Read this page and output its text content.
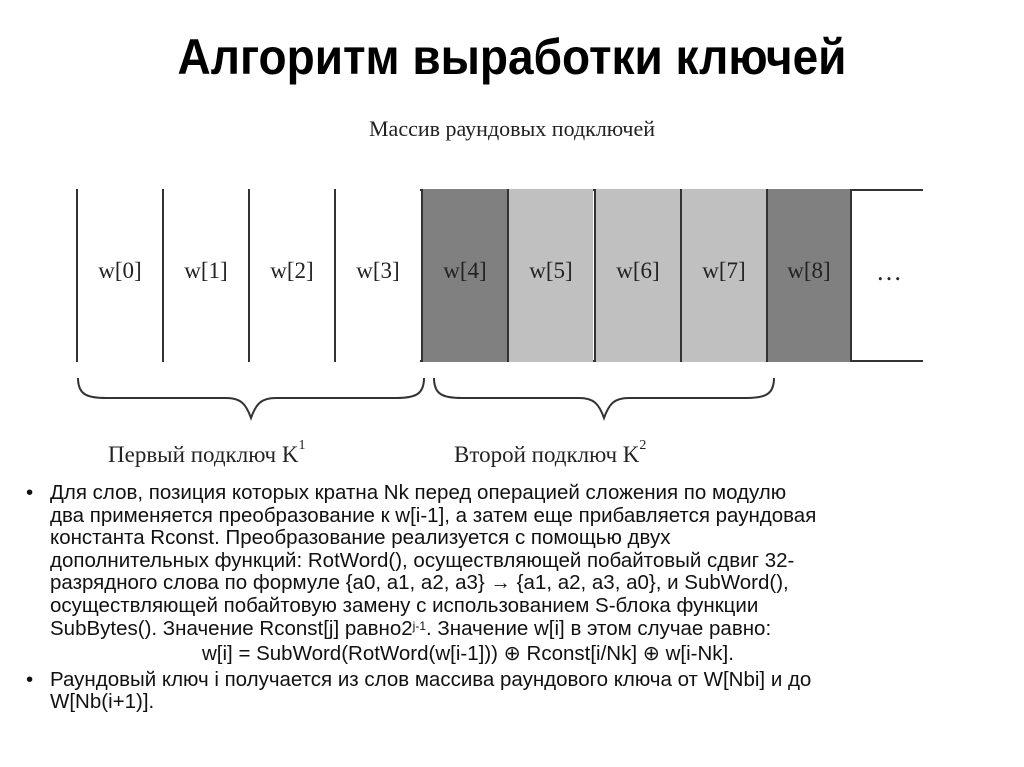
Алгоритм выработки ключей
Массив раундовых подключей
w[0] w[1] w[2] w[3] w[4] w[5] w[6] w[7] w[8] …
Первый подключ $K^1$	Второй подключ $K^2$
• Для слов, позиция которых кратна Nk перед операцией сложения по модулю
два применяется преобразование к w[i-1], а затем еще прибавляется раундовая
константа Rconst. Преобразование реализуется с помощью двух
дополнительных функций: RotWord(), осуществляющей побайтовый сдвиг 32-
разрядного слова по формуле {a0, a1, a2, a3} → {a1, a2, a3, a0}, и SubWord(),
осуществляющей побайтовую замену с использованием S-блока функции
SubBytes(). Значение Rconst[j] равно2$^{j-1}$. Значение w[i] в этом случае равно:
w[i] = SubWord(RotWord(w[i-1])) ⊕ Rconst[i/Nk] ⊕ w[i-Nk].
• Раундовый ключ i получается из слов массива раундового ключа от W[Nbi] и до
W[Nb(i+1)].
